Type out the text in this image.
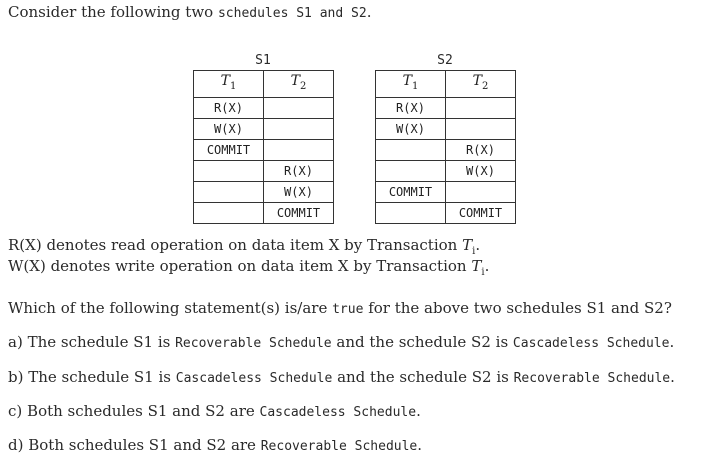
Consider the following two schedules S1 and S2.
S1
$T_1$	$T_2$
R(X)	
W(X)	
COMMIT	
	R(X)
	W(X)
	COMMIT
S2
$T_1$	$T_2$
R(X)	
W(X)	
	R(X)
	W(X)
COMMIT	
	COMMIT
R(X) denotes read operation on data item X by Transaction $T_i$.
W(X) denotes write operation on data item X by Transaction $T_i$.
Which of the following statement(s) is/are true for the above two schedules S1 and S2?
a) The schedule S1 is Recoverable Schedule and the schedule S2 is Cascadeless Schedule.
b) The schedule S1 is Cascadeless Schedule and the schedule S2 is Recoverable Schedule.
c) Both schedules S1 and S2 are Cascadeless Schedule.
d) Both schedules S1 and S2 are Recoverable Schedule.
